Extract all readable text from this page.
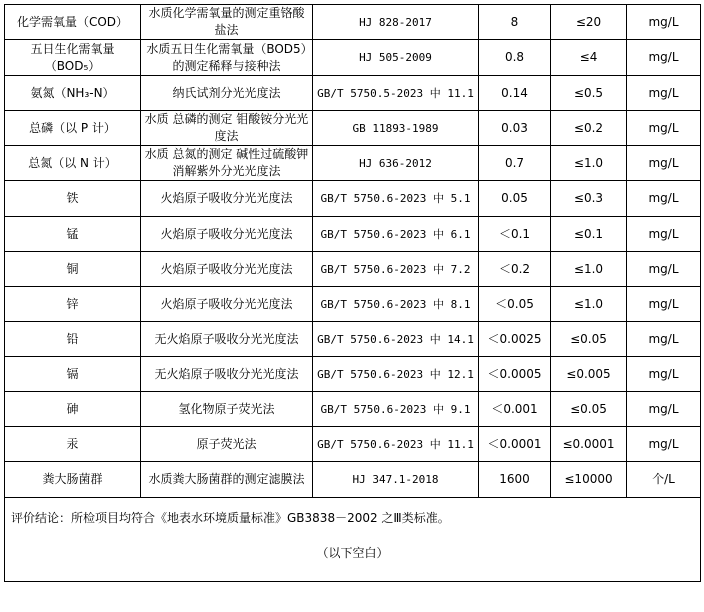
化学需氧量（COD）	水质化学需氧量的测定重铬酸盐法	HJ 828-2017	8	≤20	mg/L
五日生化需氧量（BOD₅）	水质五日生化需氧量（BOD5）的测定稀释与接种法	HJ 505-2009	0.8	≤4	mg/L
氨氮（NH₃-N）	纳氏试剂分光光度法	GB/T 5750.5-2023 中 11.1	0.14	≤0.5	mg/L
总磷（以 P 计）	水质 总磷的测定 钼酸铵分光光度法	GB 11893-1989	0.03	≤0.2	mg/L
总氮（以 N 计）	水质 总氮的测定 碱性过硫酸钾消解紫外分光光度法	HJ 636-2012	0.7	≤1.0	mg/L
铁	火焰原子吸收分光光度法	GB/T 5750.6-2023 中 5.1	0.05	≤0.3	mg/L
锰	火焰原子吸收分光光度法	GB/T 5750.6-2023 中 6.1	＜0.1	≤0.1	mg/L
铜	火焰原子吸收分光光度法	GB/T 5750.6-2023 中 7.2	＜0.2	≤1.0	mg/L
锌	火焰原子吸收分光光度法	GB/T 5750.6-2023 中 8.1	＜0.05	≤1.0	mg/L
铅	无火焰原子吸收分光光度法	GB/T 5750.6-2023 中 14.1	＜0.0025	≤0.05	mg/L
镉	无火焰原子吸收分光光度法	GB/T 5750.6-2023 中 12.1	＜0.0005	≤0.005	mg/L
砷	氢化物原子荧光法	GB/T 5750.6-2023 中 9.1	＜0.001	≤0.05	mg/L
汞	原子荧光法	GB/T 5750.6-2023 中 11.1	＜0.0001	≤0.0001	mg/L
粪大肠菌群	水质粪大肠菌群的测定滤膜法	HJ 347.1-2018	1600	≤10000	个/L

评价结论：所检项目均符合《地表水环境质量标准》GB3838－2002 之Ⅲ类标准。
（以下空白）					
